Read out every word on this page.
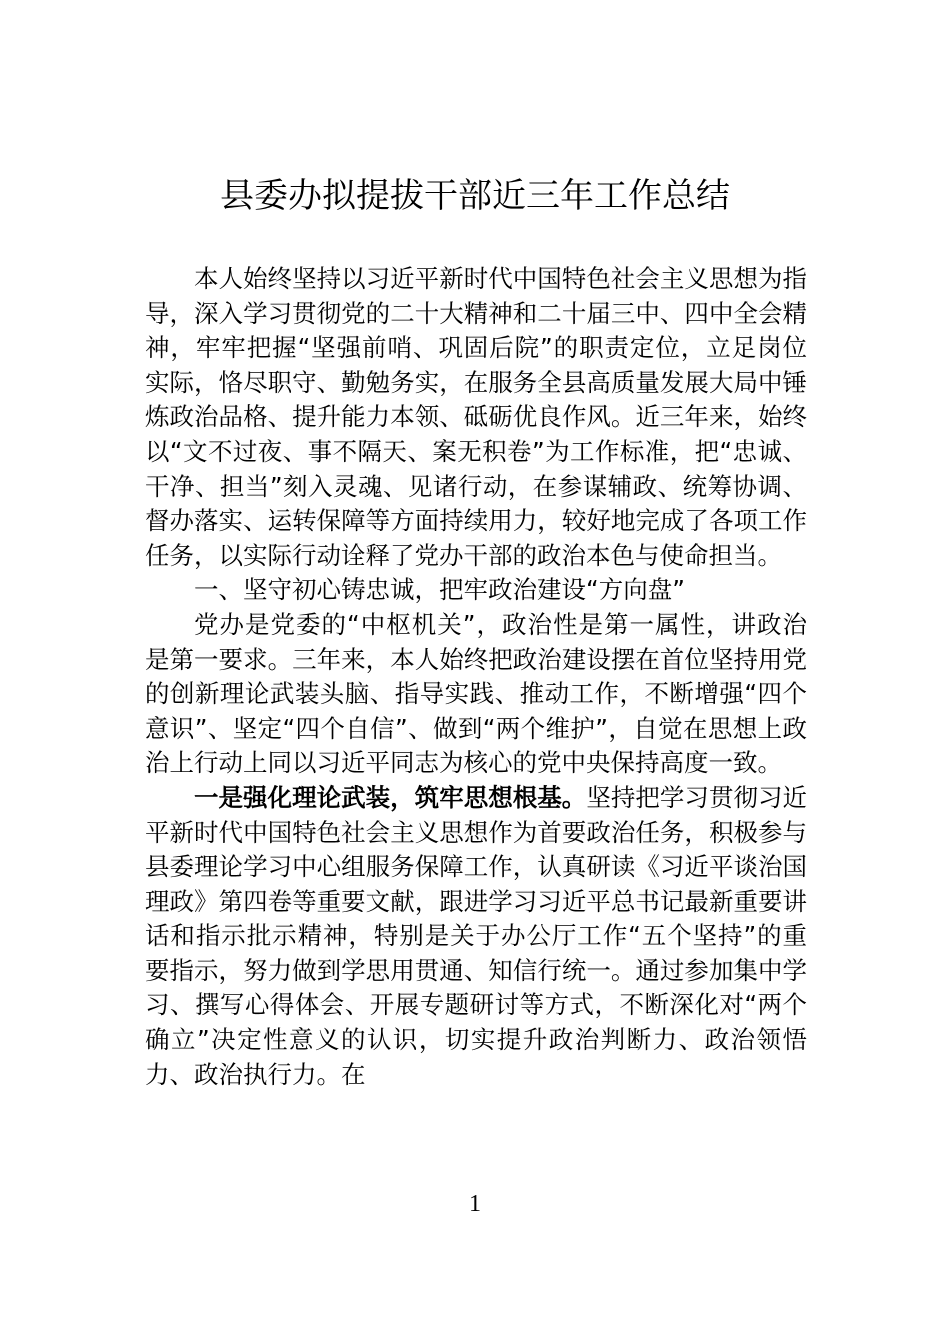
县委办拟提拔干部近三年工作总结

本人始终坚持以习近平新时代中国特色社会主义思想为指导，深入学习贯彻党的二十大精神和二十届三中、四中全会精神，牢牢把握“坚强前哨、巩固后院”的职责定位，立足岗位实际，恪尽职守、勤勉务实，在服务全县高质量发展大局中锤炼政治品格、提升能力本领、砥砺优良作风。近三年来，始终以“文不过夜、事不隔天、案无积卷”为工作标准，把“忠诚、干净、担当”刻入灵魂、见诸行动，在参谋辅政、统筹协调、督办落实、运转保障等方面持续用力，较好地完成了各项工作任务，以实际行动诠释了党办干部的政治本色与使命担当。

一、坚守初心铸忠诚，把牢政治建设“方向盘”

党办是党委的“中枢机关”，政治性是第一属性，讲政治是第一要求。三年来，本人始终把政治建设摆在首位坚持用党的创新理论武装头脑、指导实践、推动工作，不断增强“四个意识”、坚定“四个自信”、做到“两个维护”，自觉在思想上政治上行动上同以习近平同志为核心的党中央保持高度一致。

一是强化理论武装，筑牢思想根基。坚持把学习贯彻习近平新时代中国特色社会主义思想作为首要政治任务，积极参与县委理论学习中心组服务保障工作，认真研读《习近平谈治国理政》第四卷等重要文献，跟进学习习近平总书记最新重要讲话和指示批示精神，特别是关于办公厅工作“五个坚持”的重要指示，努力做到学思用贯通、知信行统一。通过参加集中学习、撰写心得体会、开展专题研讨等方式，不断深化对“两个确立”决定性意义的认识，切实提升政治判断力、政治领悟力、政治执行力。在

1
